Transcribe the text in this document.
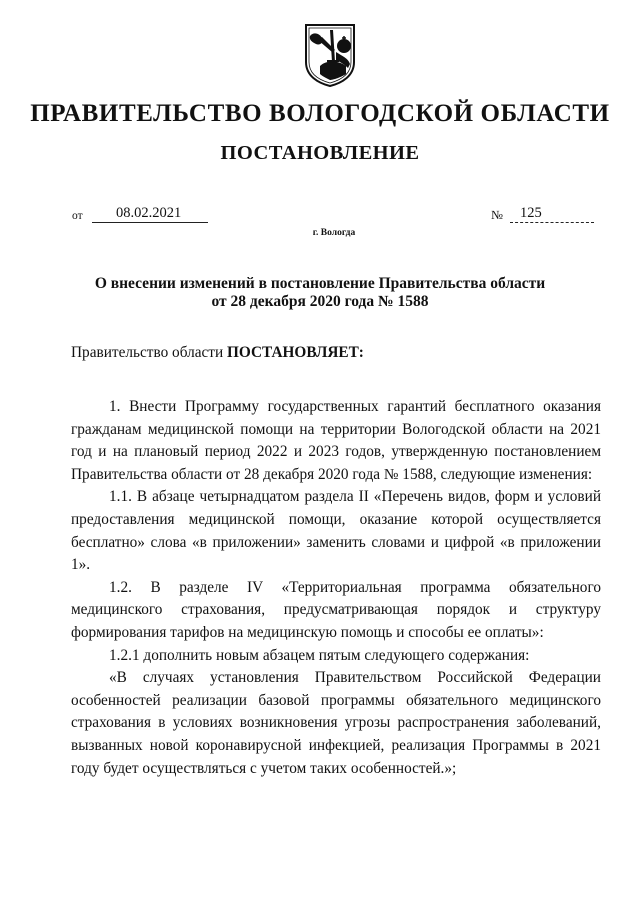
ПРАВИТЕЛЬСТВО ВОЛОГОДСКОЙ ОБЛАСТИ
ПОСТАНОВЛЕНИЕ
от	08.02.2021	№	125
г. Вологда
О внесении изменений в постановление Правительства области
от 28 декабря 2020 года № 1588
Правительство области ПОСТАНОВЛЯЕТ:

1. Внести Программу государственных гарантий бесплатного оказания гражданам медицинской помощи на территории Вологодской области на 2021 год и на плановый период 2022 и 2023 годов, утвержденную постановлением Правительства области от 28 декабря 2020 года № 1588, следующие изменения:

1.1. В абзаце четырнадцатом раздела II «Перечень видов, форм и условий предоставления медицинской помощи, оказание которой осуществляется бесплатно» слова «в приложении» заменить словами и цифрой «в приложении 1».

1.2. В разделе IV «Территориальная программа обязательного медицинского страхования, предусматривающая порядок и структуру формирования тарифов на медицинскую помощь и способы ее оплаты»:

1.2.1 дополнить новым абзацем пятым следующего содержания:

«В случаях установления Правительством Российской Федерации особенностей реализации базовой программы обязательного медицинского страхования в условиях возникновения угрозы распространения заболеваний, вызванных новой коронавирусной инфекцией, реализация Программы в 2021 году будет осуществляться с учетом таких особенностей.»;
